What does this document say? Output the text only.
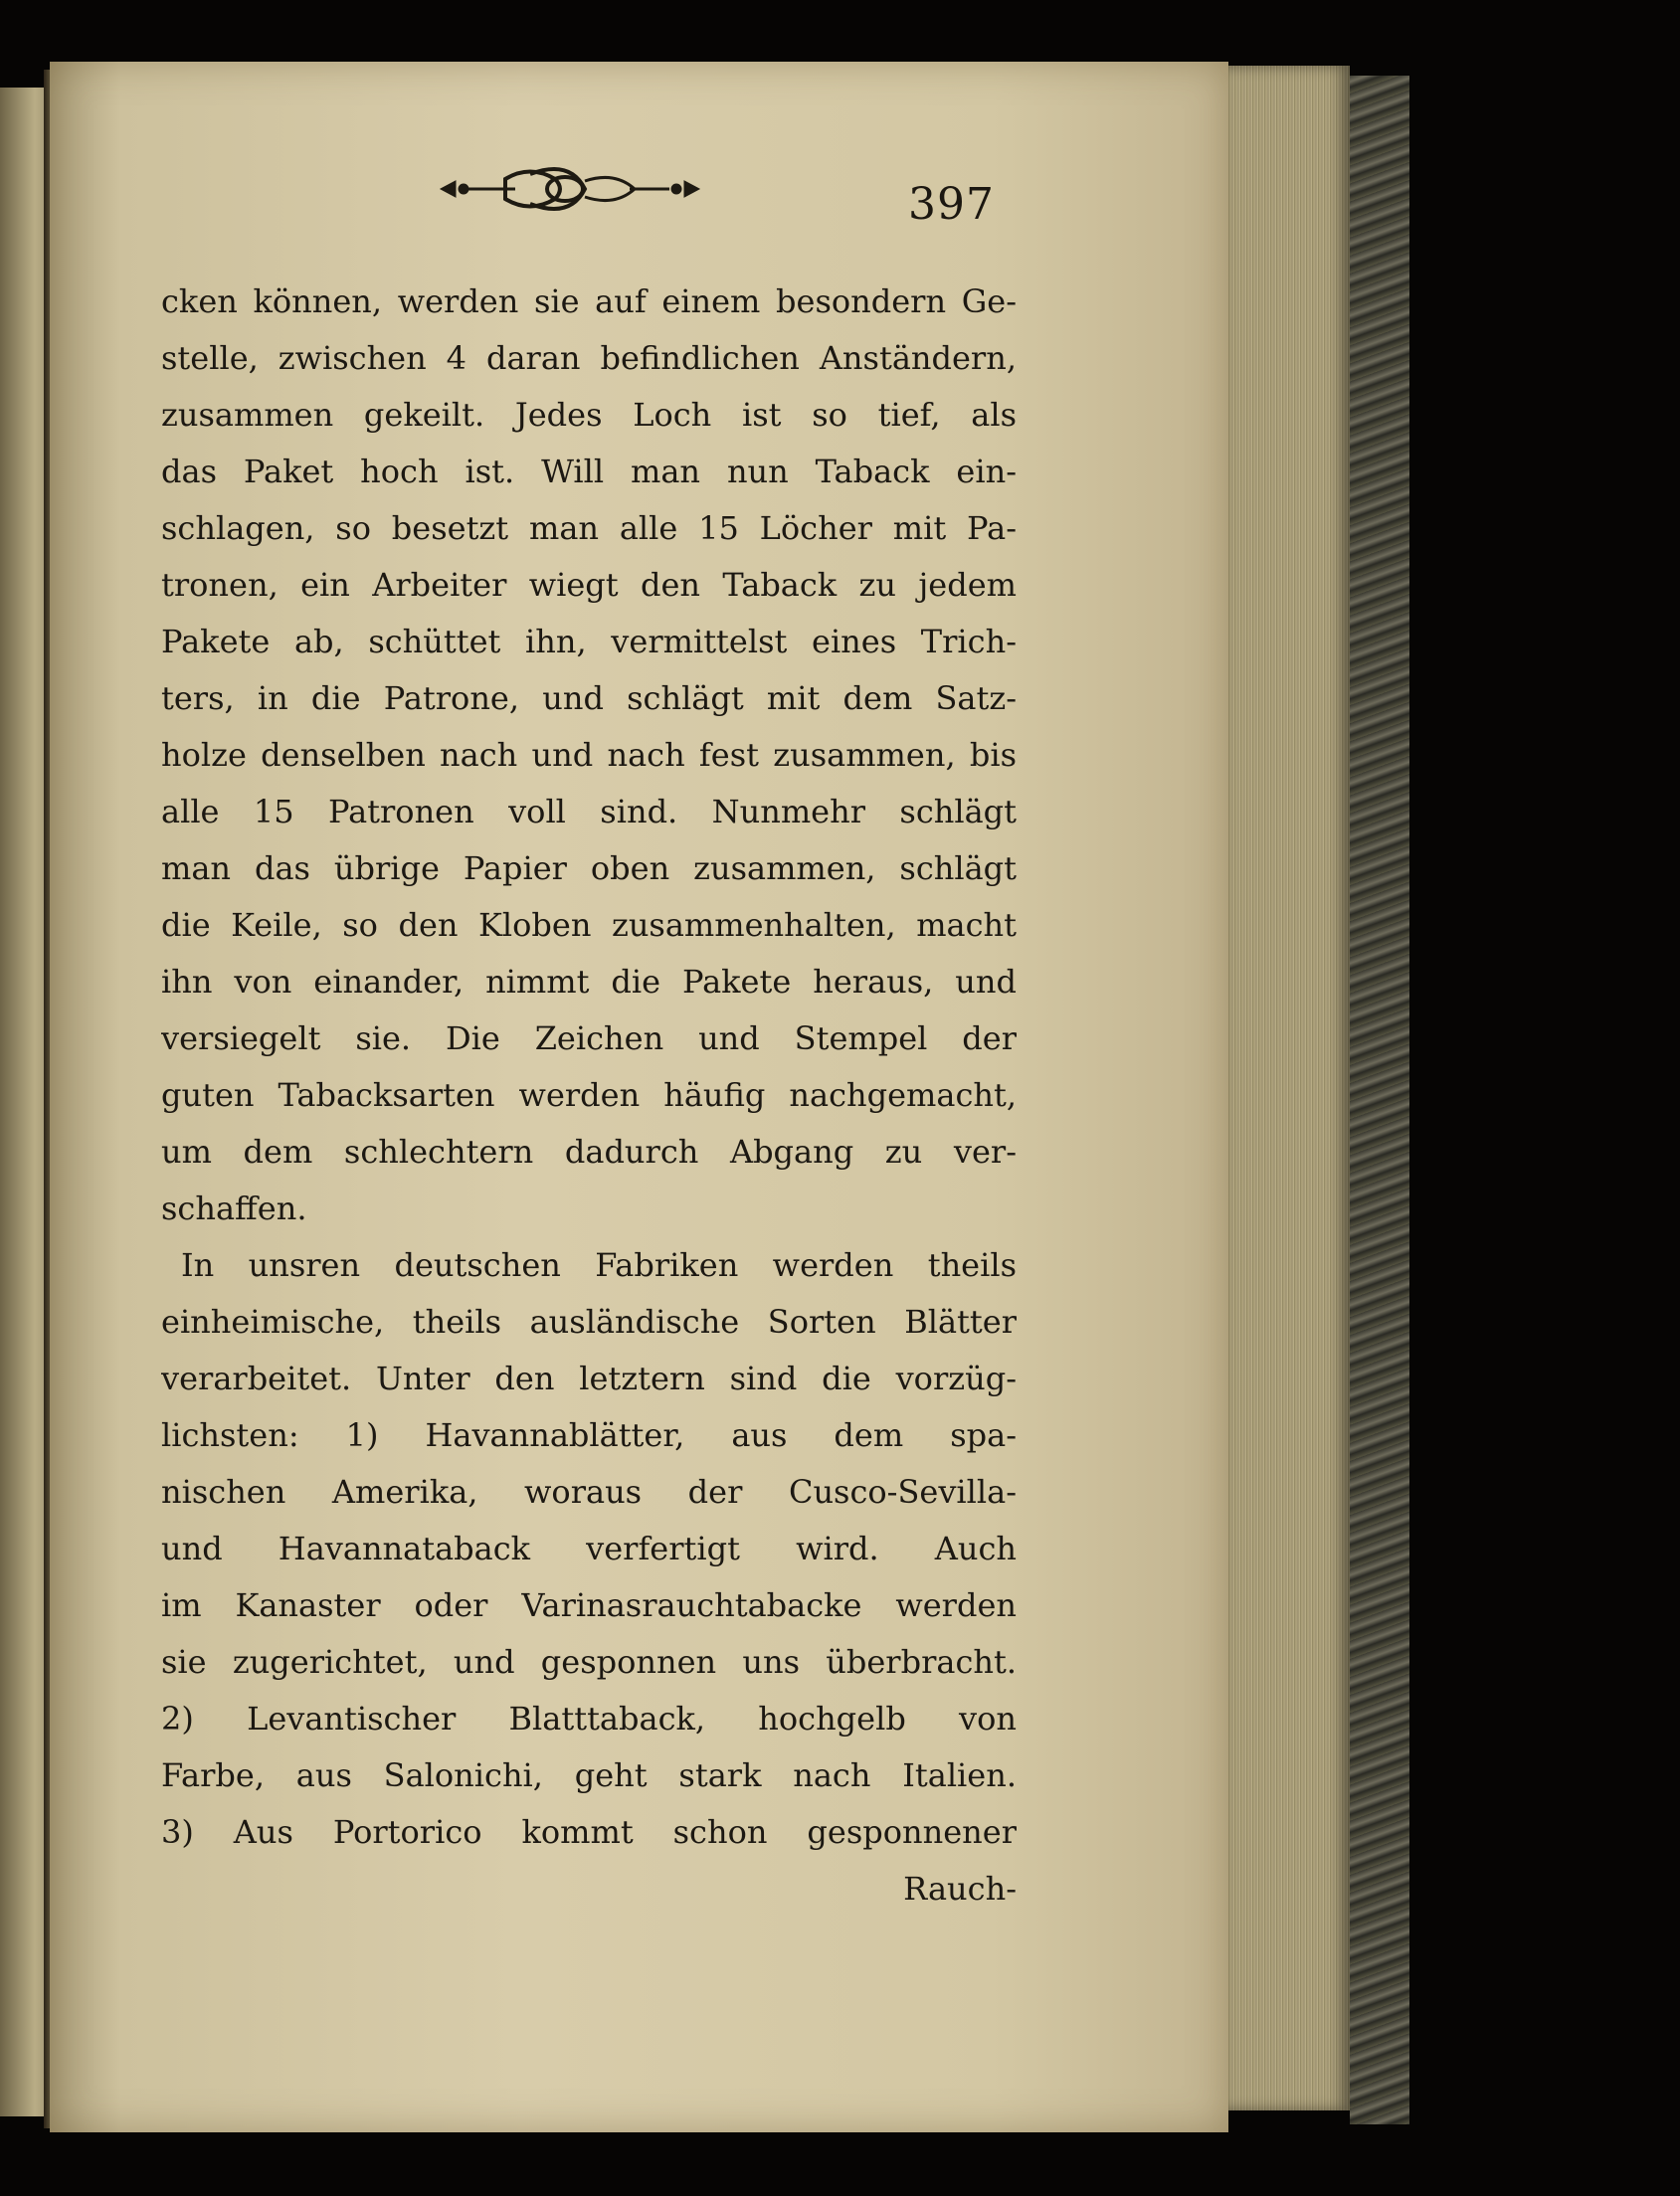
397
cken können, werden sie auf einem besondern Ge-
stelle, zwischen 4 daran befindlichen Anständern,
zusammen gekeilt. Jedes Loch ist so tief, als
das Paket hoch ist. Will man nun Taback ein-
schlagen, so besetzt man alle 15 Löcher mit Pa-
tronen, ein Arbeiter wiegt den Taback zu jedem
Pakete ab, schüttet ihn, vermittelst eines Trich-
ters, in die Patrone, und schlägt mit dem Satz-
holze denselben nach und nach fest zusammen, bis
alle 15 Patronen voll sind. Nunmehr schlägt
man das übrige Papier oben zusammen, schlägt
die Keile, so den Kloben zusammenhalten, macht
ihn von einander, nimmt die Pakete heraus, und
versiegelt sie. Die Zeichen und Stempel der
guten Tabacksarten werden häufig nachgemacht,
um dem schlechtern dadurch Abgang zu ver-
schaffen.
In unsren deutschen Fabriken werden theils
einheimische, theils ausländische Sorten Blätter
verarbeitet. Unter den letztern sind die vorzüg-
lichsten: 1) Havannablätter, aus dem spa-
nischen Amerika, woraus der Cusco-Sevilla-
und Havannataback verfertigt wird. Auch
im Kanaster oder Varinasrauchtabacke werden
sie zugerichtet, und gesponnen uns überbracht.
2) Levantischer Blatttaback, hochgelb von
Farbe, aus Salonichi, geht stark nach Italien.
3) Aus Portorico kommt schon gesponnener
Rauch-
